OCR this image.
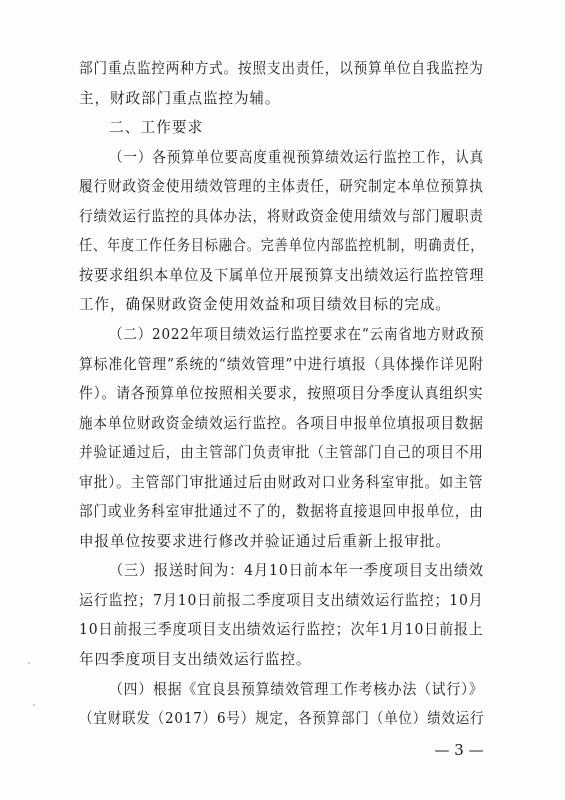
部门重点监控两种方式。按照支出责任，以预算单位自我监控为
主，财政部门重点监控为辅。
二、工作要求
（一）各预算单位要高度重视预算绩效运行监控工作，认真
履行财政资金使用绩效管理的主体责任，研究制定本单位预算执
行绩效运行监控的具体办法，将财政资金使用绩效与部门履职责
任、年度工作任务目标融合。完善单位内部监控机制，明确责任，
按要求组织本单位及下属单位开展预算支出绩效运行监控管理
工作，确保财政资金使用效益和项目绩效目标的完成。
（二）2022年项目绩效运行监控要求在“云南省地方财政预
算标准化管理”系统的“绩效管理”中进行填报（具体操作详见附
件）。请各预算单位按照相关要求，按照项目分季度认真组织实
施本单位财政资金绩效运行监控。各项目申报单位填报项目数据
并验证通过后，由主管部门负责审批（主管部门自己的项目不用
审批）。主管部门审批通过后由财政对口业务科室审批。如主管
部门或业务科室审批通过不了的，数据将直接退回申报单位，由
申报单位按要求进行修改并验证通过后重新上报审批。
（三）报送时间为：4月10日前本年一季度项目支出绩效
运行监控；7月10日前报二季度项目支出绩效运行监控；10月
10日前报三季度项目支出绩效运行监控；次年1月10日前报上
年四季度项目支出绩效运行监控。
（四）根据《宜良县预算绩效管理工作考核办法（试行）》
（宜财联发（2017）6号）规定，各预算部门（单位）绩效运行
— 3 —
